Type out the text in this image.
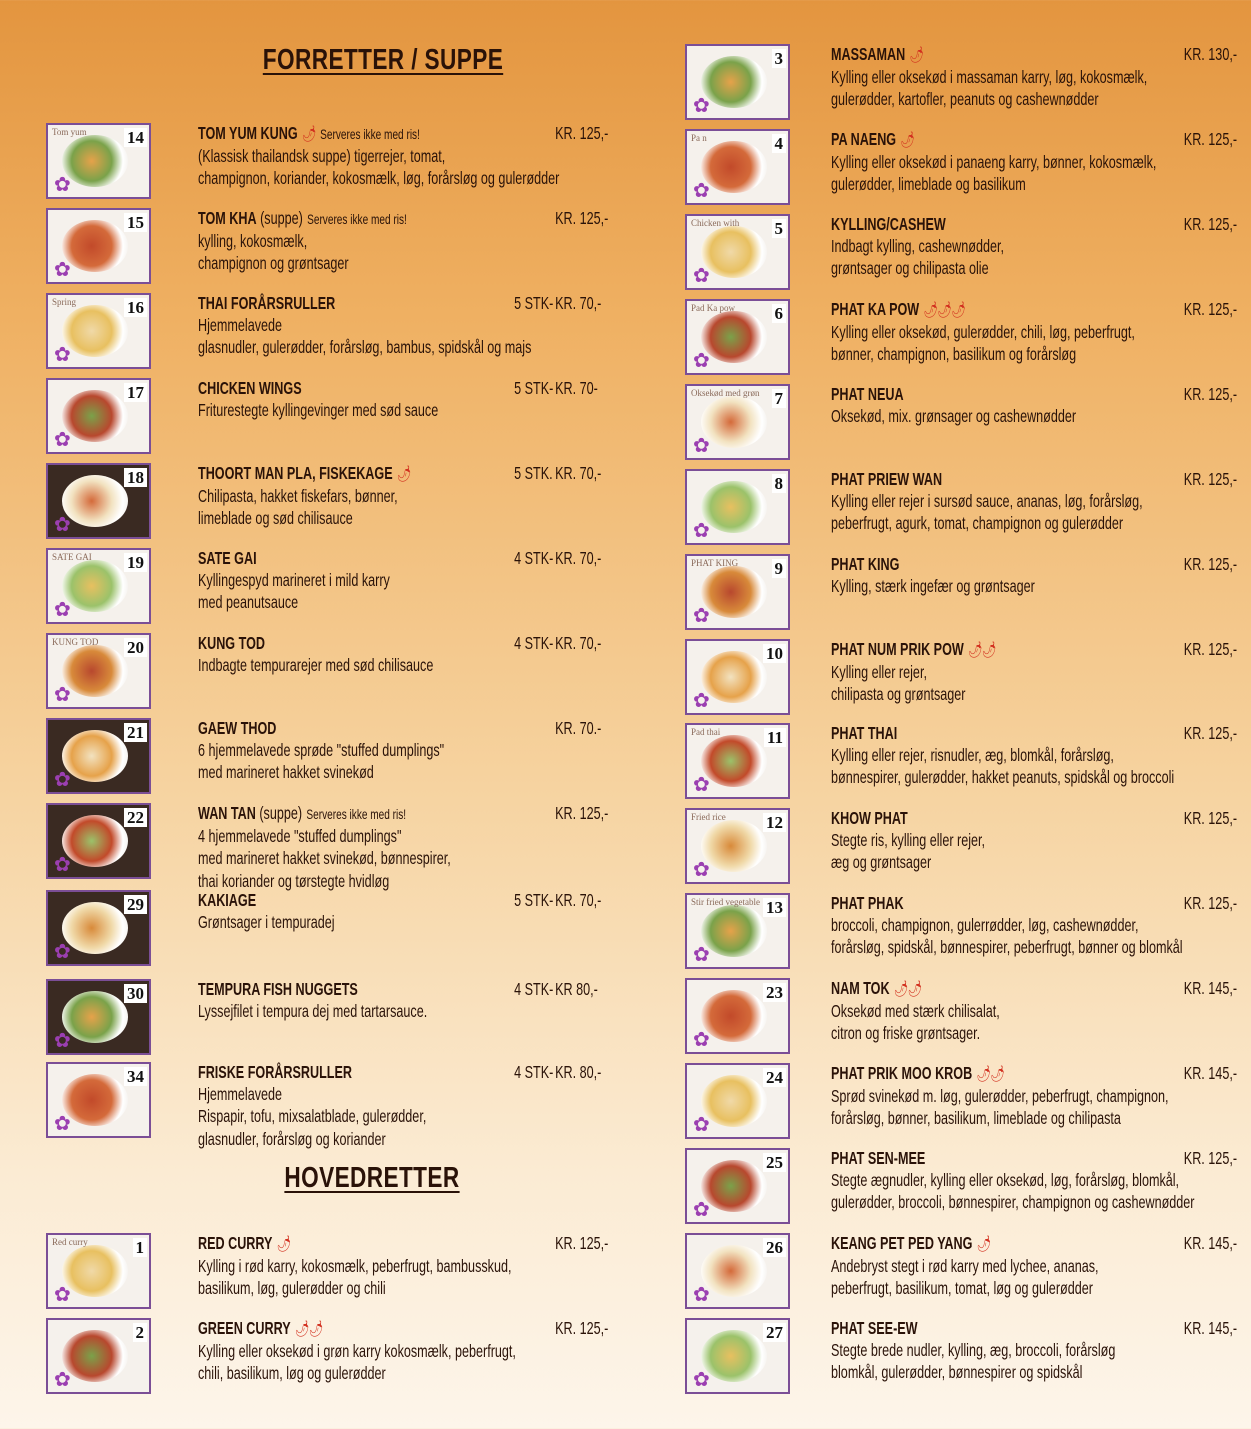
FORRETTER / SUPPE
HOVEDRETTER
✿
Tom yum 14	TOM YUM KUNG 🌶 Serveres ikke med ris!	KR. 125,-
(Klassisk thailandsk suppe) tigerrejer, tomat,
champignon, koriander, kokosmælk, løg, forårsløg og gulerødder
✿
15	TOM KHA (suppe) Serveres ikke med ris!	KR. 125,-
kylling, kokosmælk,
champignon og grøntsager
✿
Spring	16	THAI FORÅRSRULLER	5 STK- KR. 70,-
Hjemmelavede
glasnudler, gulerødder, forårsløg, bambus, spidskål og majs
✿
17	CHICKEN WINGS	5 STK- KR. 70-
Friturestegte kyllingevinger med sød sauce
✿
18	THOORT MAN PLA, FISKEKAGE 🌶	5 STK. KR. 70,-
Chilipasta, hakket fiskefars, bønner,
limeblade og sød chilisauce
✿
SATE GAI 19	SATE GAI	4 STK- KR. 70,-
Kyllingespyd marineret i mild karry
med peanutsauce
✿
KUNG TOD 20	KUNG TOD	4 STK- KR. 70,-
Indbagte tempurarejer med sød chilisauce
✿
21	GAEW THOD	KR. 70.-
6 hjemmelavede sprøde "stuffed dumplings"
med marineret hakket svinekød
✿
22	WAN TAN (suppe) Serveres ikke med ris!	KR. 125,-
4 hjemmelavede "stuffed dumplings"
med marineret hakket svinekød, bønnespirer,
thai koriander og tørstegte hvidløg
✿
29	KAKIAGE	5 STK- KR. 70,-
Grøntsager i tempuradej
✿
30	TEMPURA FISH NUGGETS	4 STK- KR 80,-
Lyssejfilet i tempura dej med tartarsauce.
✿
34	FRISKE FORÅRSRULLER	4 STK- KR. 80,-
Hjemmelavede
Rispapir, tofu, mixsalatblade, gulerødder,
glasnudler, forårsløg og koriander
✿
Red curry	1	RED CURRY 🌶	KR. 125,-
Kylling i rød karry, kokosmælk, peberfrugt, bambusskud,
basilikum, løg, gulerødder og chili
✿
2	GREEN CURRY 🌶🌶	KR. 125,-
Kylling eller oksekød i grøn karry kokosmælk, peberfrugt,
chili, basilikum, løg og gulerødder
✿
3	MASSAMAN 🌶	KR. 130,-
Kylling eller oksekød i massaman karry, løg, kokosmælk,
gulerødder, kartofler, peanuts og cashewnødder
✿
Pa n	4	PA NAENG 🌶	KR. 125,-
Kylling eller oksekød i panaeng karry, bønner, kokosmælk,
gulerødder, limeblade og basilikum
✿
Chicken with 5	KYLLING/CASHEW	KR. 125,-
Indbagt kylling, cashewnødder,
grøntsager og chilipasta olie
✿
Pad Ka pow 6	PHAT KA POW 🌶🌶🌶	KR. 125,-
Kylling eller oksekød, gulerødder, chili, løg, peberfrugt,
bønner, champignon, basilikum og forårsløg
✿
Oksekød med grøn 7	PHAT NEUA	KR. 125,-
Oksekød, mix. grønsager og cashewnødder
✿
8	PHAT PRIEW WAN	KR. 125,-
Kylling eller rejer i sursød sauce, ananas, løg, forårsløg,
peberfrugt, agurk, tomat, champignon og gulerødder
✿
PHAT KING 9	PHAT KING	KR. 125,-
Kylling, stærk ingefær og grøntsager
✿
10	PHAT NUM PRIK POW 🌶🌶	KR. 125,-
Kylling eller rejer,
chilipasta og grøntsager
✿
Pad thai	11	PHAT THAI	KR. 125,-
Kylling eller rejer, risnudler, æg, blomkål, forårsløg,
bønnespirer, gulerødder, hakket peanuts, spidskål og broccoli
✿
Fried rice 12	KHOW PHAT	KR. 125,-
Stegte ris, kylling eller rejer,
æg og grøntsager
✿
Stir fried vegetable 13	PHAT PHAK	KR. 125,-
broccoli, champignon, gulerrødder, løg, cashewnødder,
forårsløg, spidskål, bønnespirer, peberfrugt, bønner og blomkål
✿
23	NAM TOK 🌶🌶	KR. 145,-
Oksekød med stærk chilisalat,
citron og friske grøntsager.
✿
24	PHAT PRIK MOO KROB 🌶🌶	KR. 145,-
Sprød svinekød m. løg, gulerødder, peberfrugt, champignon,
forårsløg, bønner, basilikum, limeblade og chilipasta
✿
25	PHAT SEN-MEE	KR. 125,-
Stegte ægnudler, kylling eller oksekød, løg, forårsløg, blomkål,
gulerødder, broccoli, bønnespirer, champignon og cashewnødder
✿
26	KEANG PET PED YANG 🌶	KR. 145,-
Andebryst stegt i rød karry med lychee, ananas,
peberfrugt, basilikum, tomat, løg og gulerødder
✿
27	PHAT SEE-EW	KR. 145,-
Stegte brede nudler, kylling, æg, broccoli, forårsløg
blomkål, gulerødder, bønnespirer og spidskål
